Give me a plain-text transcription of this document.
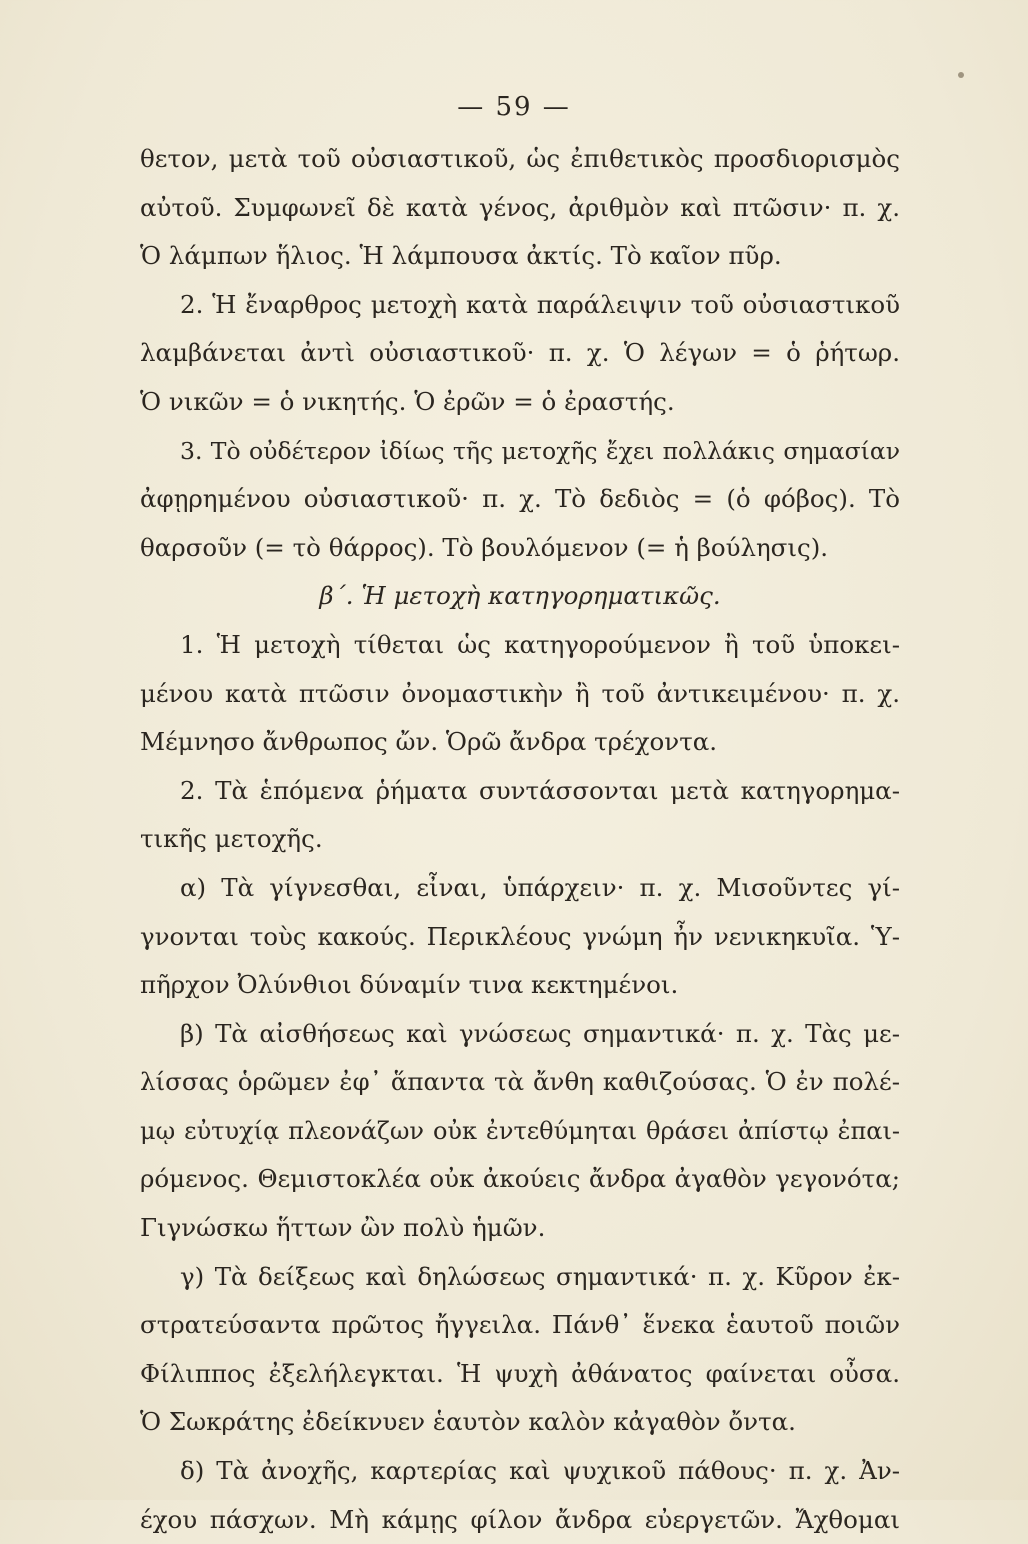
— 59 —
θετον, μετὰ τοῦ οὐσιαστικοῦ, ὡς ἐπιθετικὸς προσδιορισμὸς
αὐτοῦ. Συμφωνεῖ δὲ κατὰ γένος, ἀριθμὸν καὶ πτῶσιν· π. χ.
Ὁ λάμπων ἥλιος. Ἡ λάμπουσα ἀκτίς. Τὸ καῖον πῦρ.
2. Ἡ ἔναρθρος μετοχὴ κατὰ παράλειψιν τοῦ οὐσιαστικοῦ
λαμβάνεται ἀντὶ οὐσιαστικοῦ· π. χ. Ὁ λέγων = ὁ ῥήτωρ.
Ὁ νικῶν = ὁ νικητής. Ὁ ἐρῶν = ὁ ἐραστής.
3. Τὸ οὐδέτερον ἰδίως τῆς μετοχῆς ἔχει πολλάκις σημασίαν
ἀφῃρημένου οὐσιαστικοῦ· π. χ. Τὸ δεδιὸς = (ὁ φόβος). Τὸ
θαρσοῦν (= τὸ θάρρος). Τὸ βουλόμενον (= ἡ βούλησις).
β΄. Ἡ μετοχὴ κατηγορηματικῶς.
1. Ἡ μετοχὴ τίθεται ὡς κατηγορούμενον ἢ τοῦ ὑποκει-
μένου κατὰ πτῶσιν ὀνομαστικὴν ἢ τοῦ ἀντικειμένου· π. χ.
Μέμνησο ἄνθρωπος ὤν. Ὁρῶ ἄνδρα τρέχοντα.
2. Τὰ ἑπόμενα ῥήματα συντάσσονται μετὰ κατηγορημα-
τικῆς μετοχῆς.
α) Τὰ γίγνεσθαι, εἶναι, ὑπάρχειν· π. χ. Μισοῦντες γί-
γνονται τοὺς κακούς. Περικλέους γνώμη ἦν νενικηκυῖα. Ὑ-
πῆρχον Ὀλύνθιοι δύναμίν τινα κεκτημένοι.
β) Τὰ αἰσθήσεως καὶ γνώσεως σημαντικά· π. χ. Τὰς με-
λίσσας ὁρῶμεν ἐφ᾽ ἅπαντα τὰ ἄνθη καθιζούσας. Ὁ ἐν πολέ-
μῳ εὐτυχίᾳ πλεονάζων οὐκ ἐντεθύμηται θράσει ἀπίστῳ ἐπαι-
ρόμενος. Θεμιστοκλέα οὐκ ἀκούεις ἄνδρα ἀγαθὸν γεγονότα;
Γιγνώσκω ἥττων ὢν πολὺ ἡμῶν.
γ) Τὰ δείξεως καὶ δηλώσεως σημαντικά· π. χ. Κῦρον ἐκ-
στρατεύσαντα πρῶτος ἤγγειλα. Πάνθ᾽ ἕνεκα ἑαυτοῦ ποιῶν
Φίλιππος ἐξελήλεγκται. Ἡ ψυχὴ ἀθάνατος φαίνεται οὖσα.
Ὁ Σωκράτης ἐδείκνυεν ἑαυτὸν καλὸν κἀγαθὸν ὄντα.
δ) Τὰ ἀνοχῆς, καρτερίας καὶ ψυχικοῦ πάθους· π. χ. Ἀν-
έχου πάσχων. Μὴ κάμῃς φίλον ἄνδρα εὐεργετῶν. Ἄχθομαι
